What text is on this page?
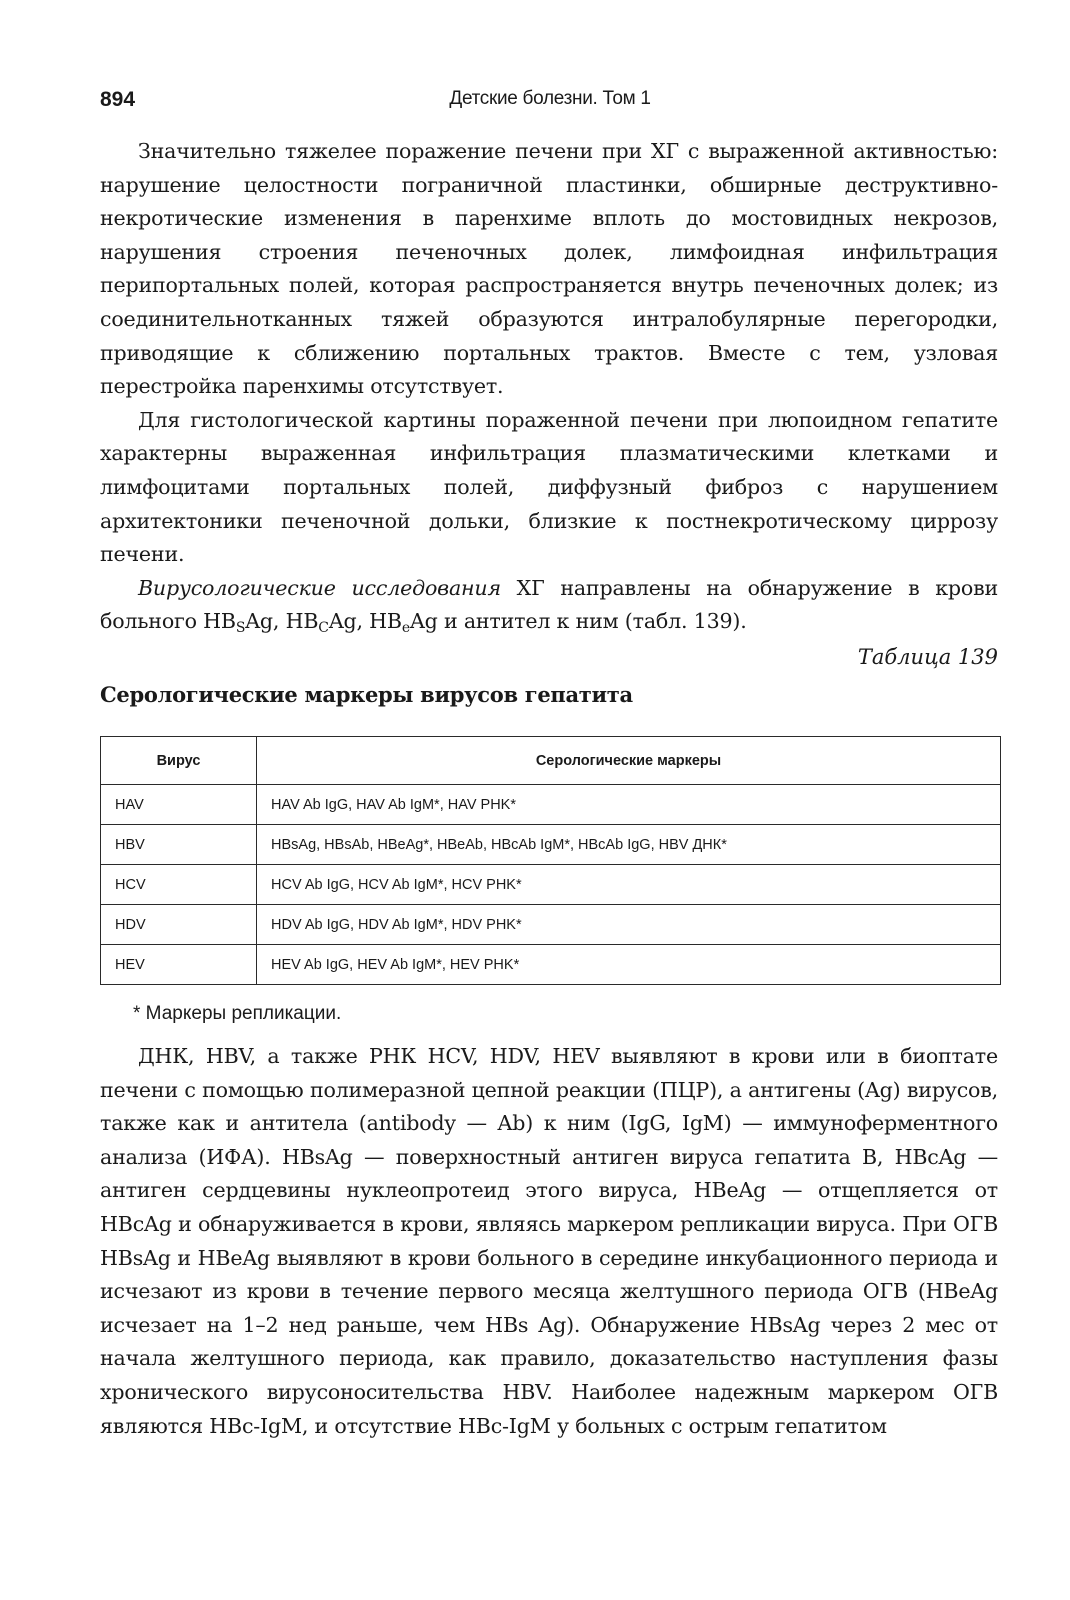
894	Детские болезни. Том 1

Значительно тяжелее поражение печени при ХГ с выраженной активностью: нарушение целостности пограничной пластинки, обширные деструктивно-некротические изменения в паренхиме вплоть до мостовидных некрозов, нарушения строения печеночных долек, лимфоидная инфильтрация перипортальных полей, которая распространяется внутрь печеночных долек; из соединительнотканных тяжей образуются интралобулярные перегородки, приводящие к сближению портальных трактов. Вместе с тем, узловая перестройка паренхимы отсутствует.

Для гистологической картины пораженной печени при люпоидном гепатите характерны выраженная инфильтрация плазматическими клетками и лимфоцитами портальных полей, диффузный фиброз с нарушением архитектоники печеночной дольки, близкие к постнекротическому циррозу печени.

Вирусологические исследования ХГ направлены на обнаружение в крови больного $HB_SAg$, $HB_CAg$, $HB_eAg$ и антител к ним (табл. 139).

Таблица 139
Серологические маркеры вирусов гепатита
Вирус	Серологические маркеры
HAV	HAV Ab IgG, HAV Ab IgM*, HAV PHK*
HBV	HBsAg, HBsAb, HBeAg*, HBeAb, HBcAb IgM*, HBcAb IgG, HBV ДНК*
HCV	HCV Ab IgG, HCV Ab IgM*, HCV PHK*
HDV	HDV Ab IgG, HDV Ab IgM*, HDV PHK*
HEV	HEV Ab IgG, HEV Ab IgM*, HEV PHK*
* Маркеры репликации.

ДНК, HBV, а также РНК HCV, HDV, HEV выявляют в крови или в биоптате печени с помощью полимеразной цепной реакции (ПЦР), а антигены (Ag) вирусов, также как и антитела (antibody — Ab) к ним (IgG, IgM) — иммуноферментного анализа (ИФА). HBsAg — поверхностный антиген вируса гепатита В, HBcAg — антиген сердцевины нуклеопротеид этого вируса, HBeAg — отщепляется от HBcAg и обнаруживается в крови, являясь маркером репликации вируса. При ОГВ HBsAg и HBeAg выявляют в крови больного в середине инкубационного периода и исчезают из крови в течение первого месяца желтушного периода ОГВ (HBeAg исчезает на 1–2 нед раньше, чем HBs Ag). Обнаружение HBsAg через 2 мес от начала желтушного периода, как правило, доказательство наступления фазы хронического вирусоносительства HBV. Наиболее надежным маркером ОГВ являются HBc-IgM, и отсутствие HBc-IgM у больных с острым гепатитом
